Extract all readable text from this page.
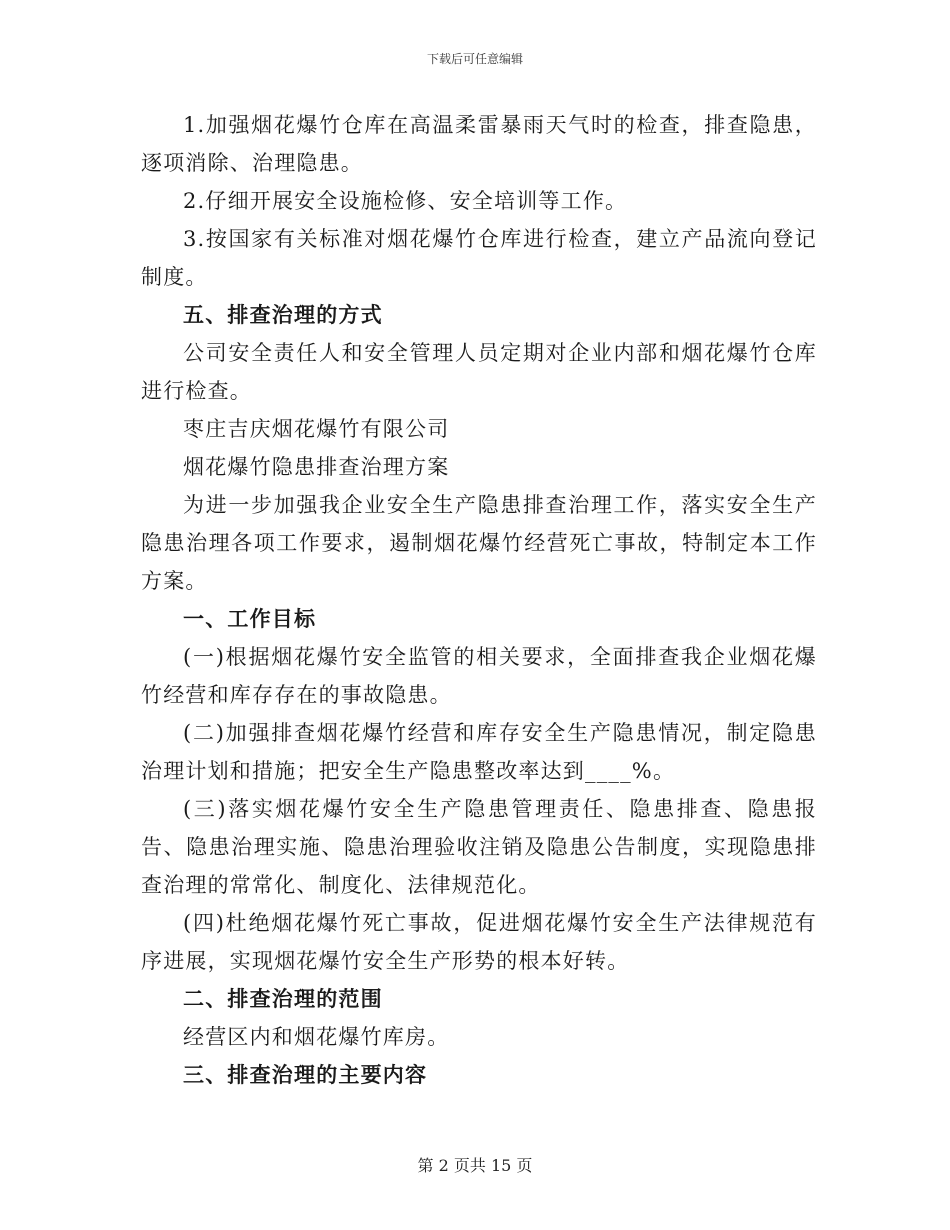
下载后可任意编辑

1.加强烟花爆竹仓库在高温柔雷暴雨天气时的检查，排查隐患，逐项消除、治理隐患。

2.仔细开展安全设施检修、安全培训等工作。

3.按国家有关标准对烟花爆竹仓库进行检查，建立产品流向登记制度。

五、排查治理的方式

公司安全责任人和安全管理人员定期对企业内部和烟花爆竹仓库进行检查。

枣庄吉庆烟花爆竹有限公司

烟花爆竹隐患排查治理方案

为进一步加强我企业安全生产隐患排查治理工作，落实安全生产隐患治理各项工作要求，遏制烟花爆竹经营死亡事故，特制定本工作方案。

一、工作目标

(一)根据烟花爆竹安全监管的相关要求，全面排查我企业烟花爆竹经营和库存存在的事故隐患。

(二)加强排查烟花爆竹经营和库存安全生产隐患情况，制定隐患治理计划和措施；把安全生产隐患整改率达到____%。

(三)落实烟花爆竹安全生产隐患管理责任、隐患排查、隐患报告、隐患治理实施、隐患治理验收注销及隐患公告制度，实现隐患排查治理的常常化、制度化、法律规范化。

(四)杜绝烟花爆竹死亡事故，促进烟花爆竹安全生产法律规范有序进展，实现烟花爆竹安全生产形势的根本好转。

二、排查治理的范围

经营区内和烟花爆竹库房。

三、排查治理的主要内容

第 2 页共 15 页
